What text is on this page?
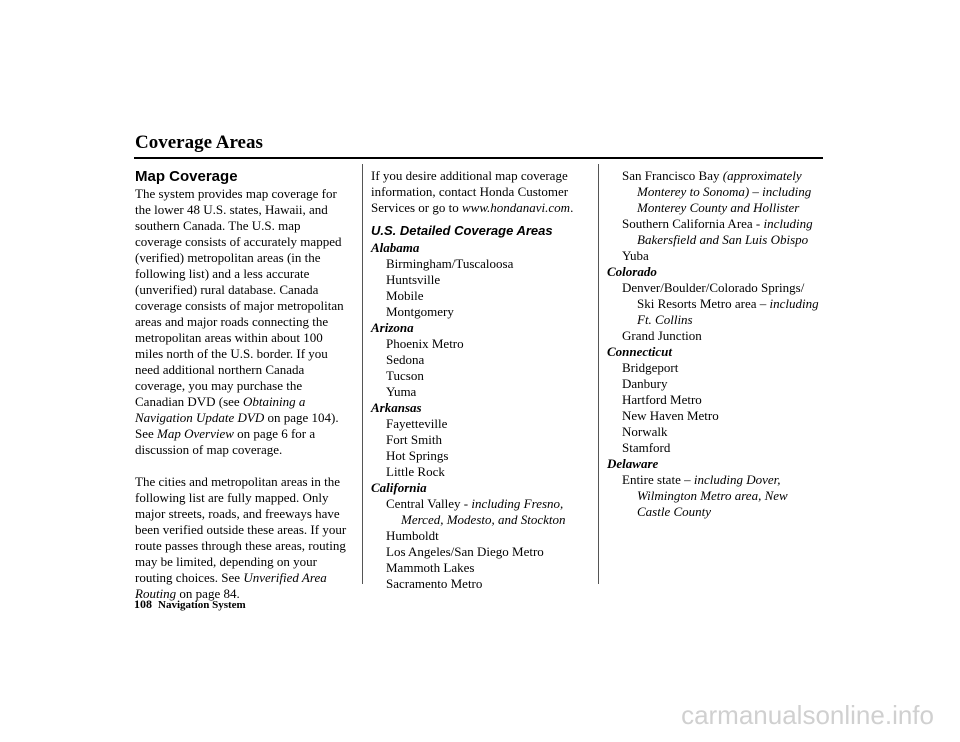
Coverage Areas

Map Coverage

The system provides map coverage for the lower 48 U.S. states, Hawaii, and southern Canada. The U.S. map coverage consists of accurately mapped (verified) metropolitan areas (in the following list) and a less accurate (unverified) rural database. Canada coverage consists of major metropolitan areas and major roads connecting the metropolitan areas within about 100 miles north of the U.S. border. If you need additional northern Canada coverage, you may purchase the Canadian DVD (see Obtaining a Navigation Update DVD on page 104). See Map Overview on page 6 for a discussion of map coverage.

The cities and metropolitan areas in the following list are fully mapped. Only major streets, roads, and freeways have been verified outside these areas. If your route passes through these areas, routing may be limited, depending on your routing choices. See Unverified Area Routing on page 84.

If you desire additional map coverage information, contact Honda Customer Services or go to www.hondanavi.com.

U.S. Detailed Coverage Areas

Alabama

Birmingham/Tuscaloosa

Huntsville

Mobile

Montgomery

Arizona

Phoenix Metro

Sedona

Tucson

Yuma

Arkansas

Fayetteville

Fort Smith

Hot Springs

Little Rock

California

Central Valley - including Fresno, Merced, Modesto, and Stockton

Humboldt

Los Angeles/San Diego Metro

Mammoth Lakes

Sacramento Metro

San Francisco Bay (approximately Monterey to Sonoma) – including Monterey County and Hollister

Southern California Area - including Bakersfield and San Luis Obispo

Yuba

Colorado

Denver/Boulder/Colorado Springs/ Ski Resorts Metro area – including Ft. Collins

Grand Junction

Connecticut

Bridgeport

Danbury

Hartford Metro

New Haven Metro

Norwalk

Stamford

Delaware

Entire state – including Dover, Wilmington Metro area, New Castle County

108 Navigation System
carmanualsonline.info
